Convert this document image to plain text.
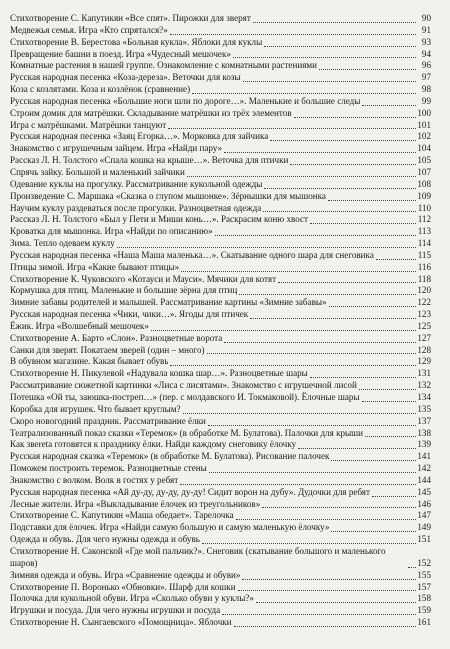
Стихотворение С. Капутикян «Все спят». Пирожки для зверят	90
Медвежья семья. Игра «Кто спрятался?»	91
Стихотворение В. Берестова «Больная кукла». Яблоки для куклы	93
Превращение башни в поезд. Игра «Чудесный мешочек»	94
Комнатные растения в нашей группе. Ознакомление с комнатными растениями	96
Русская народная песенка «Коза-дереза». Веточки для козы	97
Коза с козлятами. Коза и козлёнок (сравнение)	98
Русская народная песенка «Большие ноги шли по дороге…». Маленькие и большие следы	99
Строим домик для матрёшки. Складывание матрёшки из трёх элементов	100
Игра с матрёшками. Матрёшки танцуют	101
Русская народная песенка «Заяц Егорка…». Морковка для зайчика	102
Знакомство с игрушечным зайцем. Игра «Найди пару»	104
Рассказ Л. Н. Толстого «Спала кошка на крыше…». Веточка для птички	105
Спрячь зайку. Большой и маленький зайчики	107
Одевание куклы на прогулку. Рассматривание кукольной одежды	108
Произведение С. Маршака «Сказка о глупом мышонке». Зёрнышки для мышонка	109
Научим куклу раздеваться после прогулки. Разноцветная одежда	110
Рассказ Л. Н. Толстого «Был у Пети и Миши конь…». Раскрасим коню хвост	112
Кроватка для мышонка. Игра «Найди по описанию»	113
Зима. Тепло одеваем куклу	114
Русская народная песенка «Наша Маша маленька…». Скатывание одного шара для снеговика	115
Птицы зимой. Игра «Какие бывают птицы»	116
Стихотворение К. Чуковского «Котауси и Мауси». Мячики для котят	118
Кормушка для птиц. Маленькие и большие зёрна для птиц	120
Зимние забавы родителей и малышей. Рассматривание картины «Зимние забавы»	122
Русская народная песенка «Чики, чики…». Ягоды для птичек	123
Ёжик. Игра «Волшебный мешочек»	125
Стихотворение А. Барто «Слон». Разноцветные ворота	127
Санки для зверят. Покатаем зверей (один – много)	128
В обувном магазине. Какая бывает обувь	129
Стихотворение Н. Пикулевой «Надувала кошка шар…». Разноцветные шары	131
Рассматривание сюжетной картинки «Лиса с лисятами». Знакомство с игрушечной лисой	132
Потешка «Ой ты, заюшка-постреп…» (пер. с молдавского И. Токмаковой). Ёлочные шары	134
Коробка для игрушек. Что бывает круглым?	135
Скоро новогодний праздник. Рассматривание ёлки	137
Театрализованный показ сказки «Теремок» (в обработке М. Булатова). Палочки для крыши	138
Как звereta готовятся к празднику ёлки. Найди каждому снеговику ёлочку	139
Русская народная сказка «Теремок» (в обработке М. Булатова). Рисование палочек	141
Поможем построить теремок. Разноцветные стены	142
Знакомство с волком. Волк в гостях у ребят	144
Русская народная песенка «Ай ду-ду, ду-ду, ду-ду! Сидит ворон на дубу». Дудочки для ребят	145
Лесные жители. Игра «Выкладывание ёлочек из треугольников»	146
Стихотворение С. Капутикян «Маша обедает». Тарелочка	147
Подставки для ёлочек. Игра «Найди самую большую и самую маленькую ёлочку»	149
Одежда и обувь. Для чего нужны одежда и обувь	151
Стихотворение Н. Саконской «Где мой пальчик?». Снеговик (скатывание большого и маленького шаров)	152
Зимняя одежда и обувь. Игра «Сравнение одежды и обуви»	155
Стихотворение П. Воронько «Обновки». Шарф для кошки	157
Полочка для кукольной обуви. Игра «Сколько обуви у куклы?»	158
Игрушки и посуда. Для чего нужны игрушки и посуда	159
Стихотворение Н. Сынгаевского «Помощница». Яблочки	161
